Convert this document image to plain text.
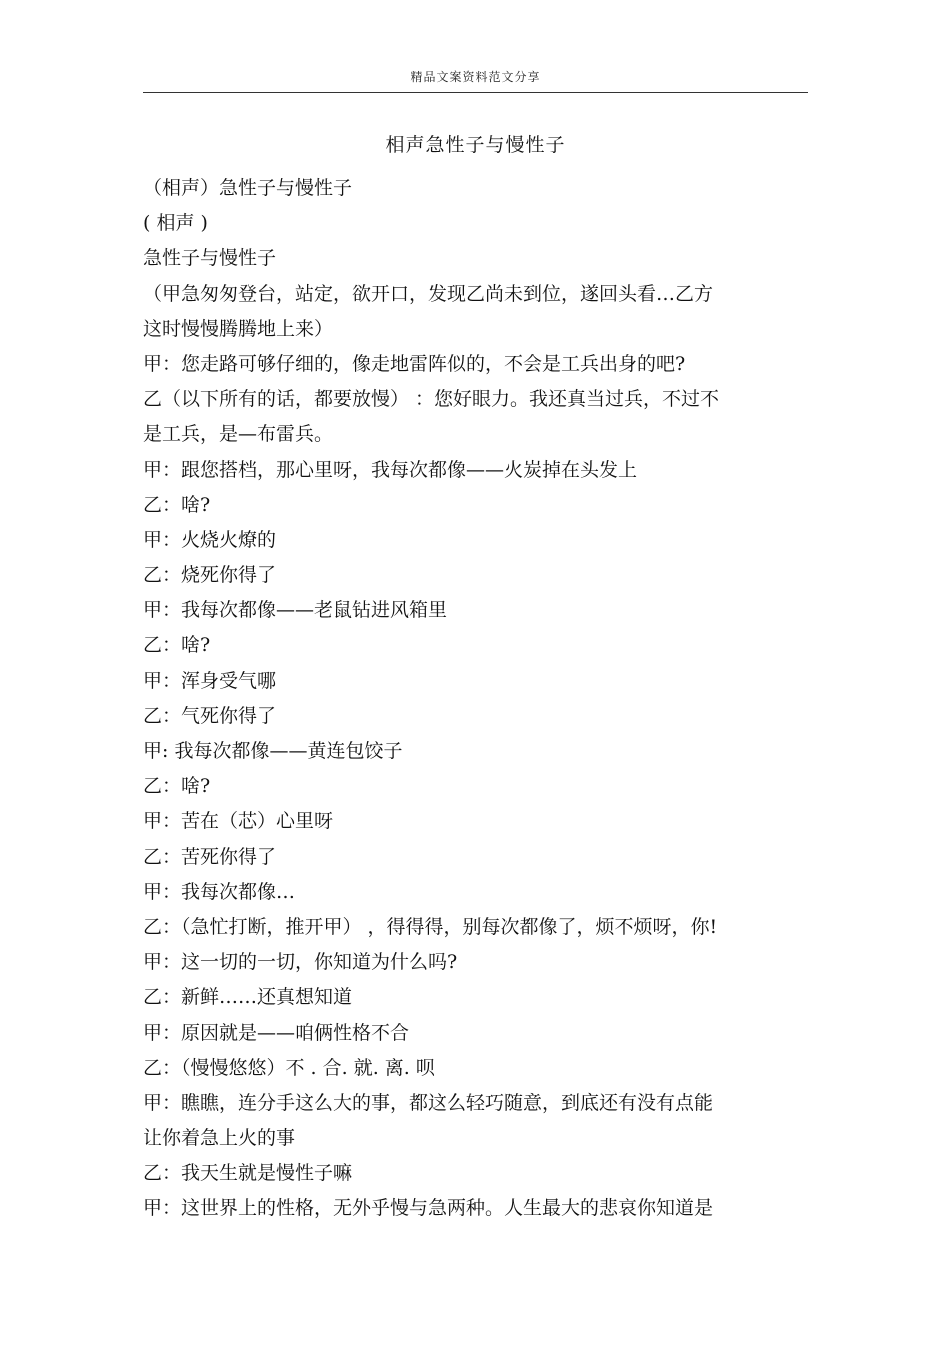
精品文案资料范文分享
相声急性子与慢性子
（相声）急性子与慢性子
( 相声 )
急性子与慢性子
（甲急匆匆登台，站定，欲开口，发现乙尚未到位，遂回头看…乙方
这时慢慢腾腾地上来）
甲：您走路可够仔细的，像走地雷阵似的，不会是工兵出身的吧?
乙（以下所有的话，都要放慢） ：您好眼力。我还真当过兵，不过不
是工兵，是—布雷兵。
甲：跟您搭档，那心里呀，我每次都像——火炭掉在头发上
乙：啥?
甲：火烧火燎的
乙：烧死你得了
甲：我每次都像——老鼠钻进风箱里
乙：啥?
甲：浑身受气哪
乙：气死你得了
甲: 我每次都像——黄连包饺子
乙：啥?
甲：苦在（芯）心里呀
乙：苦死你得了
甲：我每次都像…
乙：（急忙打断，推开甲） ，得得得，别每次都像了，烦不烦呀，你!
甲：这一切的一切，你知道为什么吗?
乙：新鲜……还真想知道
甲：原因就是——咱俩性格不合
乙：（慢慢悠悠）不 . 合. 就. 离. 呗
甲：瞧瞧，连分手这么大的事，都这么轻巧随意，到底还有没有点能
让你着急上火的事
乙：我天生就是慢性子嘛
甲：这世界上的性格，无外乎慢与急两种。人生最大的悲哀你知道是
